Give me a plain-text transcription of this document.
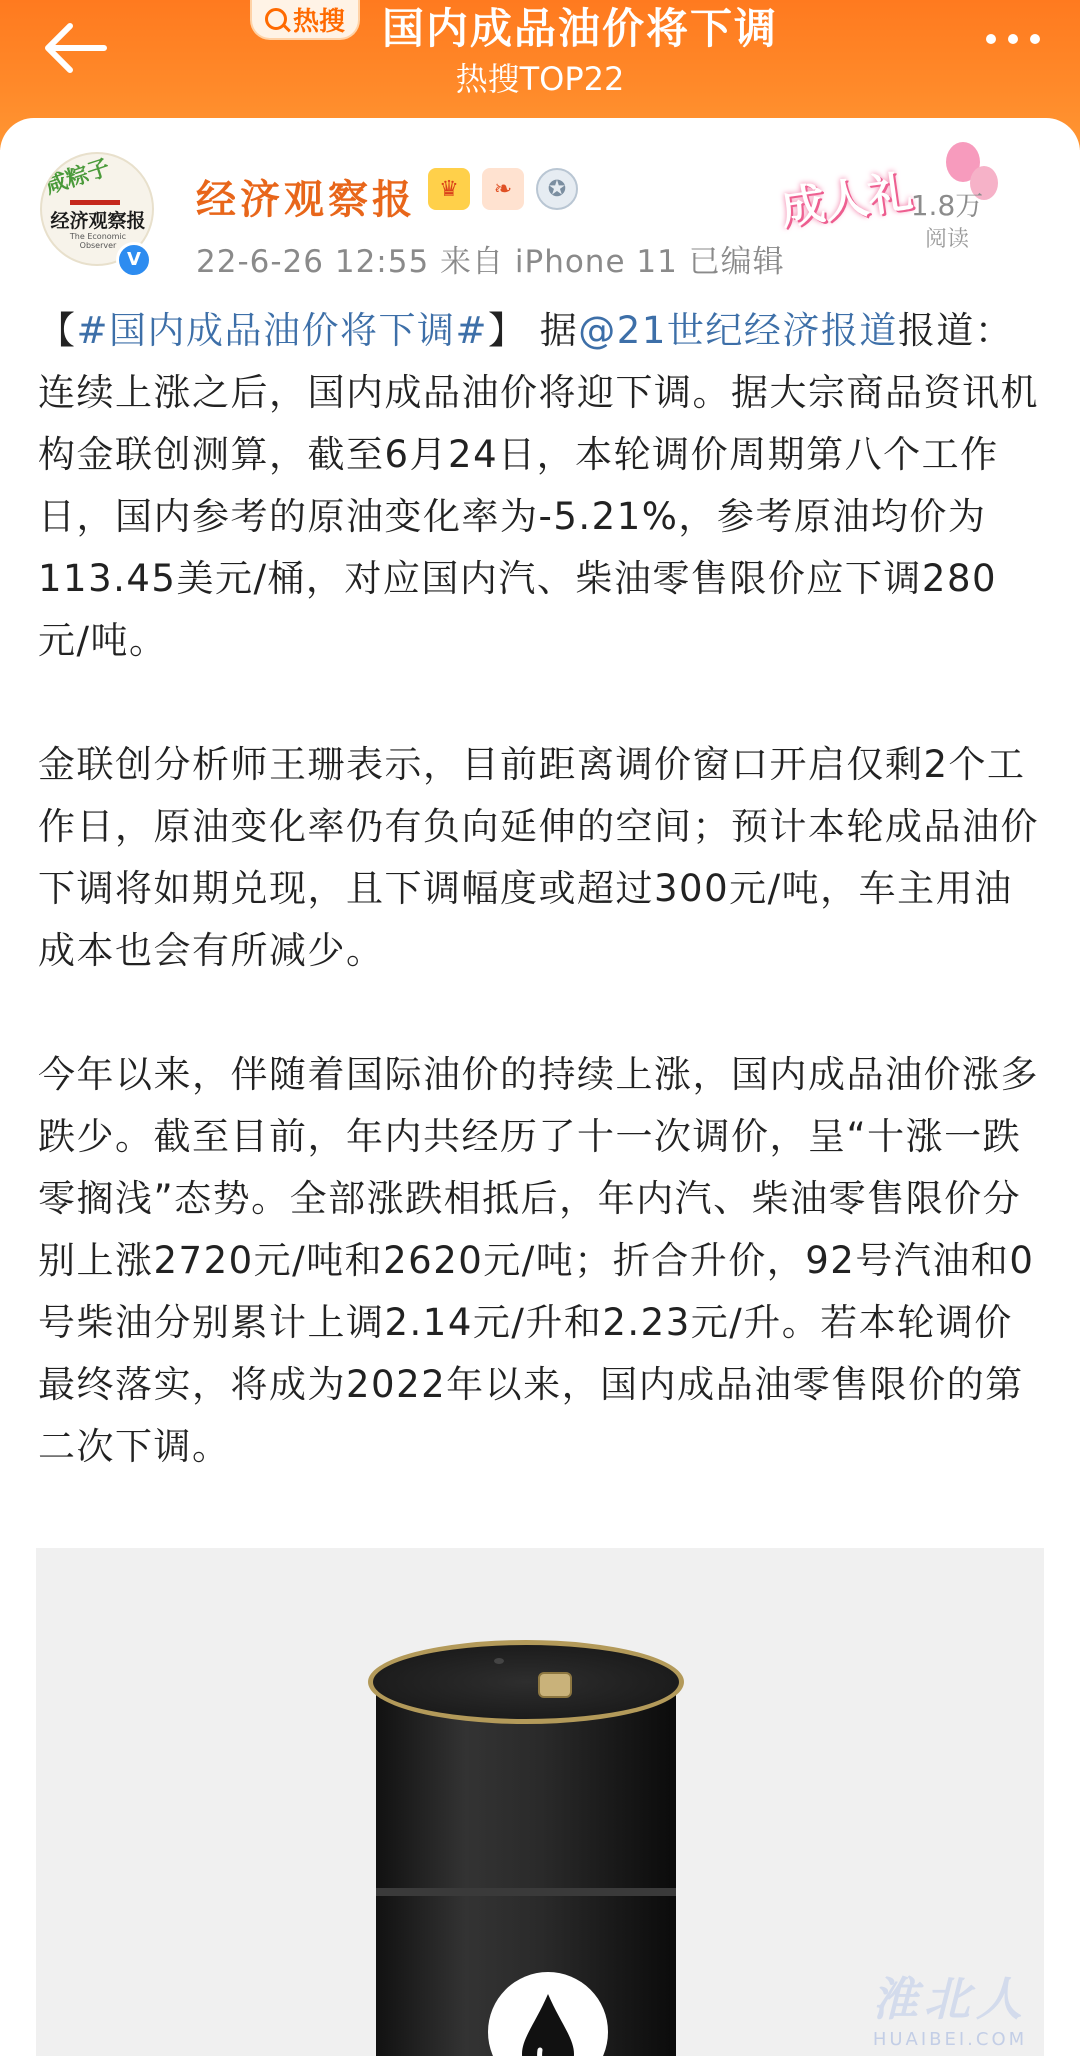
热搜 国内成品油价将下调
热搜TOP22
咸粽子
经济观察报
The Economic Observer
V
经济观察报	♛	❧	✪
22-6-26 12:55 来自 iPhone 11 已编辑
成人礼
1.8万
阅读

【#国内成品油价将下调#】 据@21世纪经济报道报道：连续上涨之后，国内成品油价将迎下调。据大宗商品资讯机构金联创测算，截至6月24日，本轮调价周期第八个工作日，国内参考的原油变化率为-5.21%，参考原油均价为113.45美元/桶，对应国内汽、柴油零售限价应下调280元/吨。

金联创分析师王珊表示，目前距离调价窗口开启仅剩2个工作日，原油变化率仍有负向延伸的空间；预计本轮成品油价下调将如期兑现，且下调幅度或超过300元/吨，车主用油成本也会有所减少。

今年以来，伴随着国际油价的持续上涨，国内成品油价涨多跌少。截至目前，年内共经历了十一次调价，呈“十涨一跌零搁浅”态势。全部涨跌相抵后，年内汽、柴油零售限价分别上涨2720元/吨和2620元/吨；折合升价，92号汽油和0号柴油分别累计上调2.14元/升和2.23元/升。若本轮调价最终落实，将成为2022年以来，国内成品油零售限价的第二次下调。

淮北人
HUAIBEI.COM
